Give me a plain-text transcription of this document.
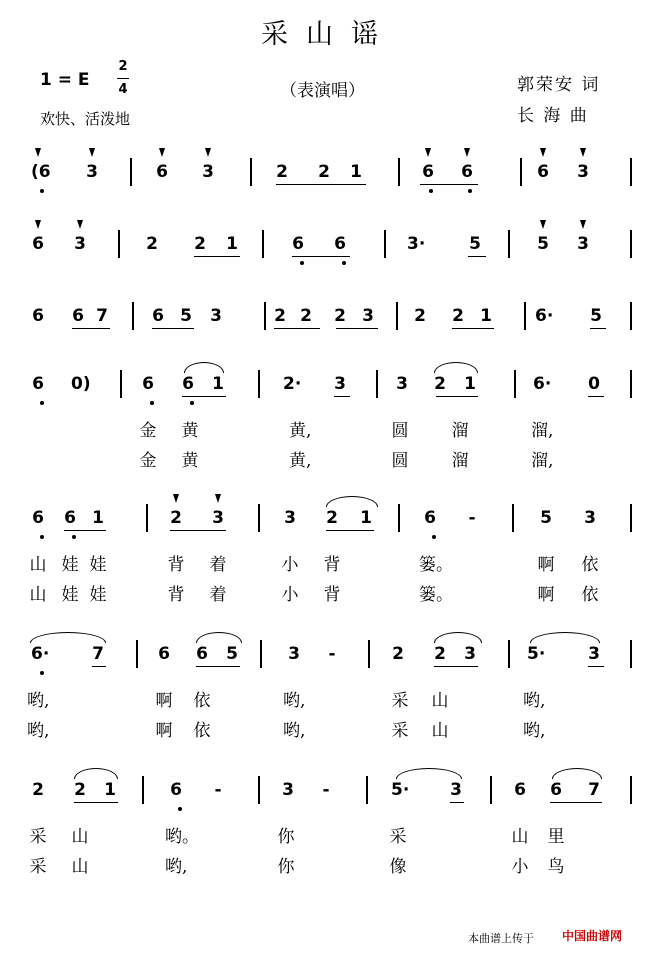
采山谣
1 = E
2
4
欢快、活泼地
（表演唱）	郭荣安 词
长 海 曲
(6 3	6 3	2 2 1	6 6	6 3
6 3	2 2 1	6 6	3·	5	5 3
6 6 7	6 5 3	2 2 2 3 2 2 1	6· 5
6 0)	6 6 1	2· 3	3 2 1	6· 0
金 黄	黄,	圆	溜	溜,
金 黄	黄,	圆	溜	溜,
6 6 1	2 3	3 2 1	6 -	5 3
山 娃 娃	背 着	小 背	篓。	啊 依
山 娃 娃	背 着	小 背	篓。	啊 依
6·	7	6 6 5	3 -	2 2 3	5·	3
哟,	啊 依	哟,	采 山	哟,
哟,	啊 依	哟,	采 山	哟,
2 2 1	6 -	3 -	5· 3	6 6 7
采 山	哟。	你	采	山 里
采 山	哟,	你	像	小 鸟
本曲谱上传于 中国曲谱网
